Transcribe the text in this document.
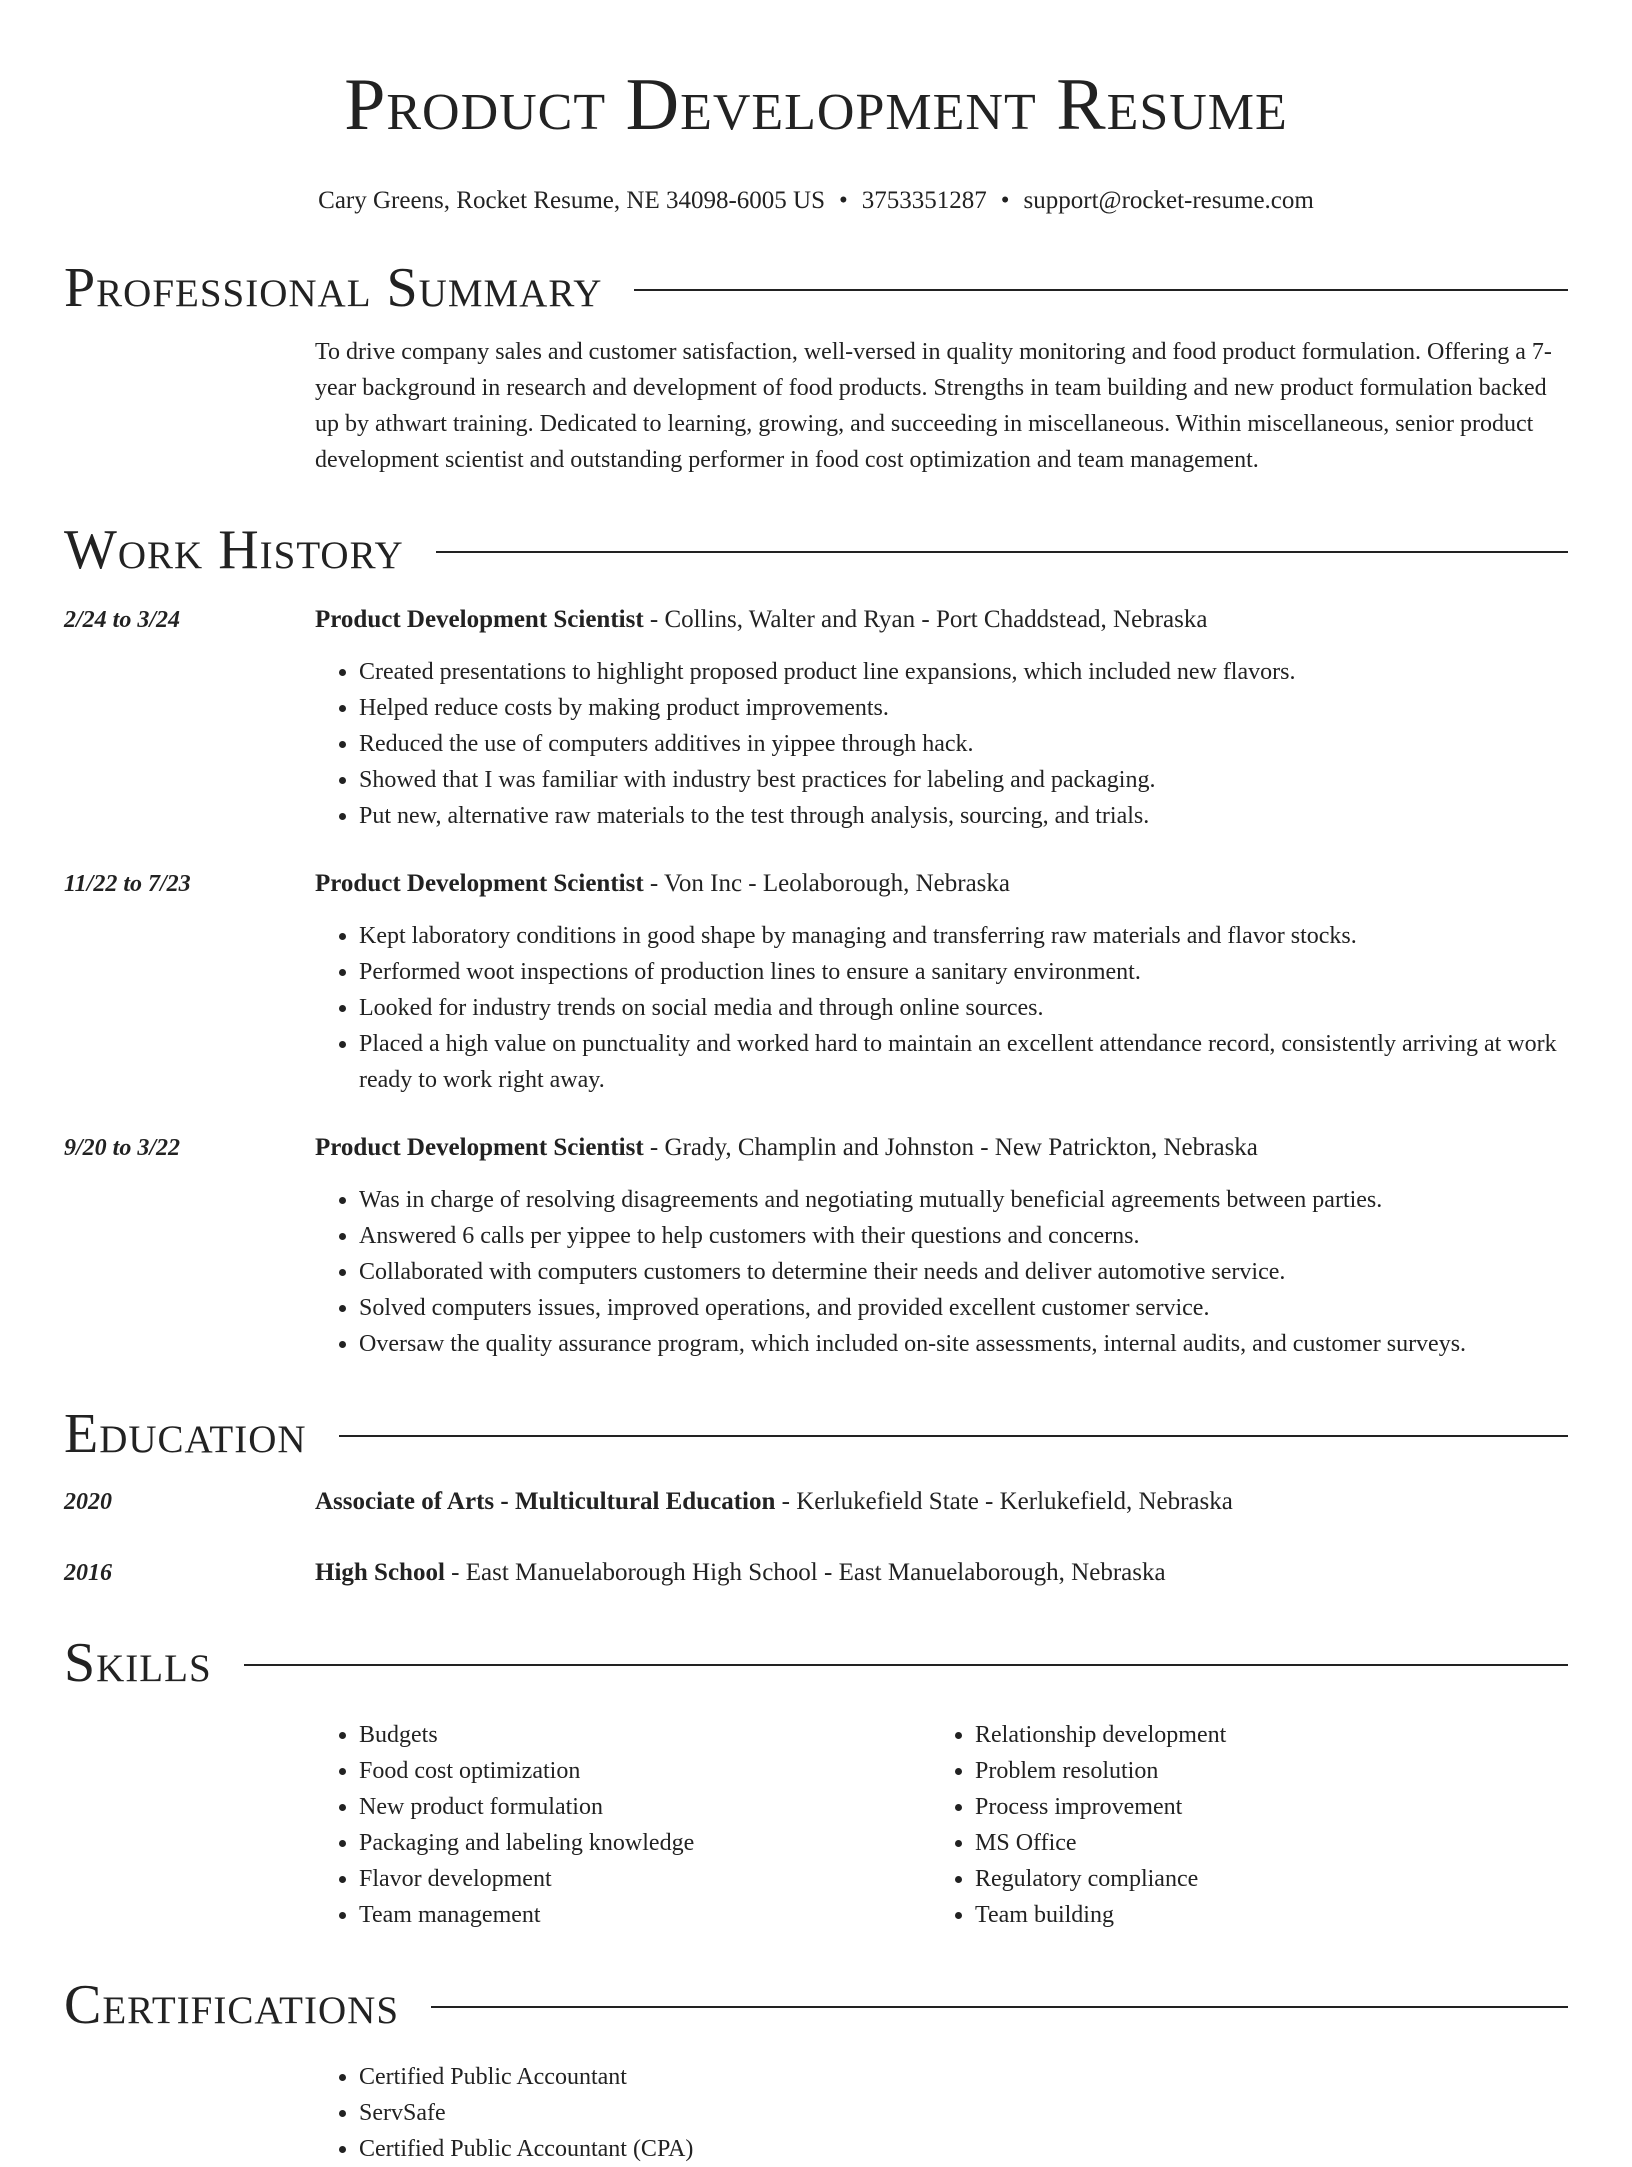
Product Development Resume
Cary Greens, Rocket Resume, NE 34098-6005 US • 3753351287 • support@rocket-resume.com
Professional Summary
To drive company sales and customer satisfaction, well-versed in quality monitoring and food product formulation. Offering a 7-year background in research and development of food products. Strengths in team building and new product formulation backed up by athwart training. Dedicated to learning, growing, and succeeding in miscellaneous. Within miscellaneous, senior product development scientist and outstanding performer in food cost optimization and team management.
Work History
2/24 to 3/24	Product Development Scientist - Collins, Walter and Ryan - Port Chaddstead, Nebraska
• Created presentations to highlight proposed product line expansions, which included new flavors.
• Helped reduce costs by making product improvements.
• Reduced the use of computers additives in yippee through hack.
• Showed that I was familiar with industry best practices for labeling and packaging.
• Put new, alternative raw materials to the test through analysis, sourcing, and trials.
11/22 to 7/23	Product Development Scientist - Von Inc - Leolaborough, Nebraska
• Kept laboratory conditions in good shape by managing and transferring raw materials and flavor stocks.
• Performed woot inspections of production lines to ensure a sanitary environment.
• Looked for industry trends on social media and through online sources.
• Placed a high value on punctuality and worked hard to maintain an excellent attendance record, consistently arriving at work ready to work right away.
9/20 to 3/22	Product Development Scientist - Grady, Champlin and Johnston - New Patrickton, Nebraska
• Was in charge of resolving disagreements and negotiating mutually beneficial agreements between parties.
• Answered 6 calls per yippee to help customers with their questions and concerns.
• Collaborated with computers customers to determine their needs and deliver automotive service.
• Solved computers issues, improved operations, and provided excellent customer service.
• Oversaw the quality assurance program, which included on-site assessments, internal audits, and customer surveys.
Education
2020	Associate of Arts - Multicultural Education - Kerlukefield State - Kerlukefield, Nebraska
2016	High School - East Manuelaborough High School - East Manuelaborough, Nebraska
Skills
• Budgets
• Food cost optimization
• New product formulation
• Packaging and labeling knowledge
• Flavor development
• Team management
• Relationship development
• Problem resolution
• Process improvement
• MS Office
• Regulatory compliance
• Team building
Certifications
• Certified Public Accountant
• ServSafe
• Certified Public Accountant (CPA)
